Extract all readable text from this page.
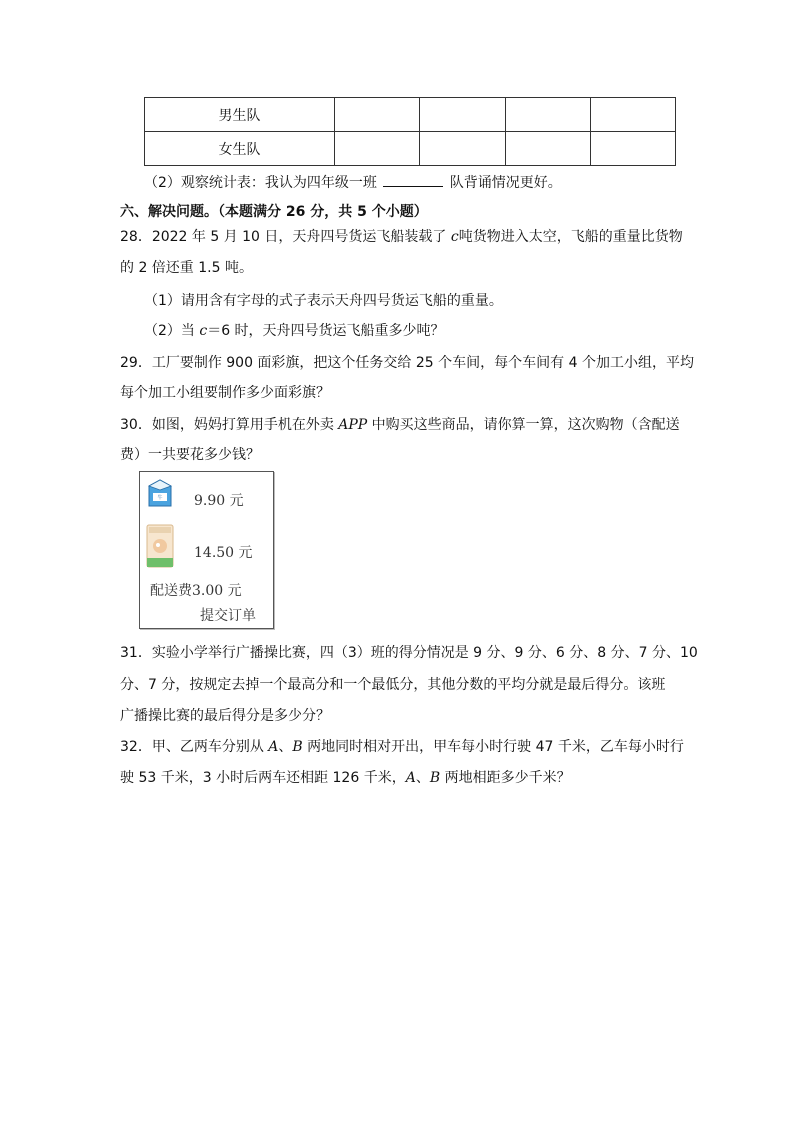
男生队				
女生队				
（2）观察统计表：我认为四年级一班	队背诵情况更好。
六、解决问题。（本题满分 26 分，共 5 个小题）
28．2022 年 5 月 10 日，天舟四号货运飞船装载了 c吨货物进入太空，飞船的重量比货物
的 2 倍还重 1.5 吨。
（1）请用含有字母的式子表示天舟四号货运飞船的重量。
（2）当 c＝6 时，天舟四号货运飞船重多少吨？
29．工厂要制作 900 面彩旗，把这个任务交给 25 个车间，每个车间有 4 个加工小组，平均
每个加工小组要制作多少面彩旗？
30．如图，妈妈打算用手机在外卖 APP 中购买这些商品，请你算一算，这次购物（含配送
费）一共要花多少钱？
牛 9.90 元
14.50 元
配送费3.00 元
提交订单
31．实验小学举行广播操比赛，四（3）班的得分情况是 9 分、9 分、6 分、8 分、7 分、10
分、7 分，按规定去掉一个最高分和一个最低分，其他分数的平均分就是最后得分。该班
广播操比赛的最后得分是多少分？
32．甲、乙两车分别从 A、B 两地同时相对开出，甲车每小时行驶 47 千米，乙车每小时行
驶 53 千米，3 小时后两车还相距 126 千米，A、B 两地相距多少千米？
